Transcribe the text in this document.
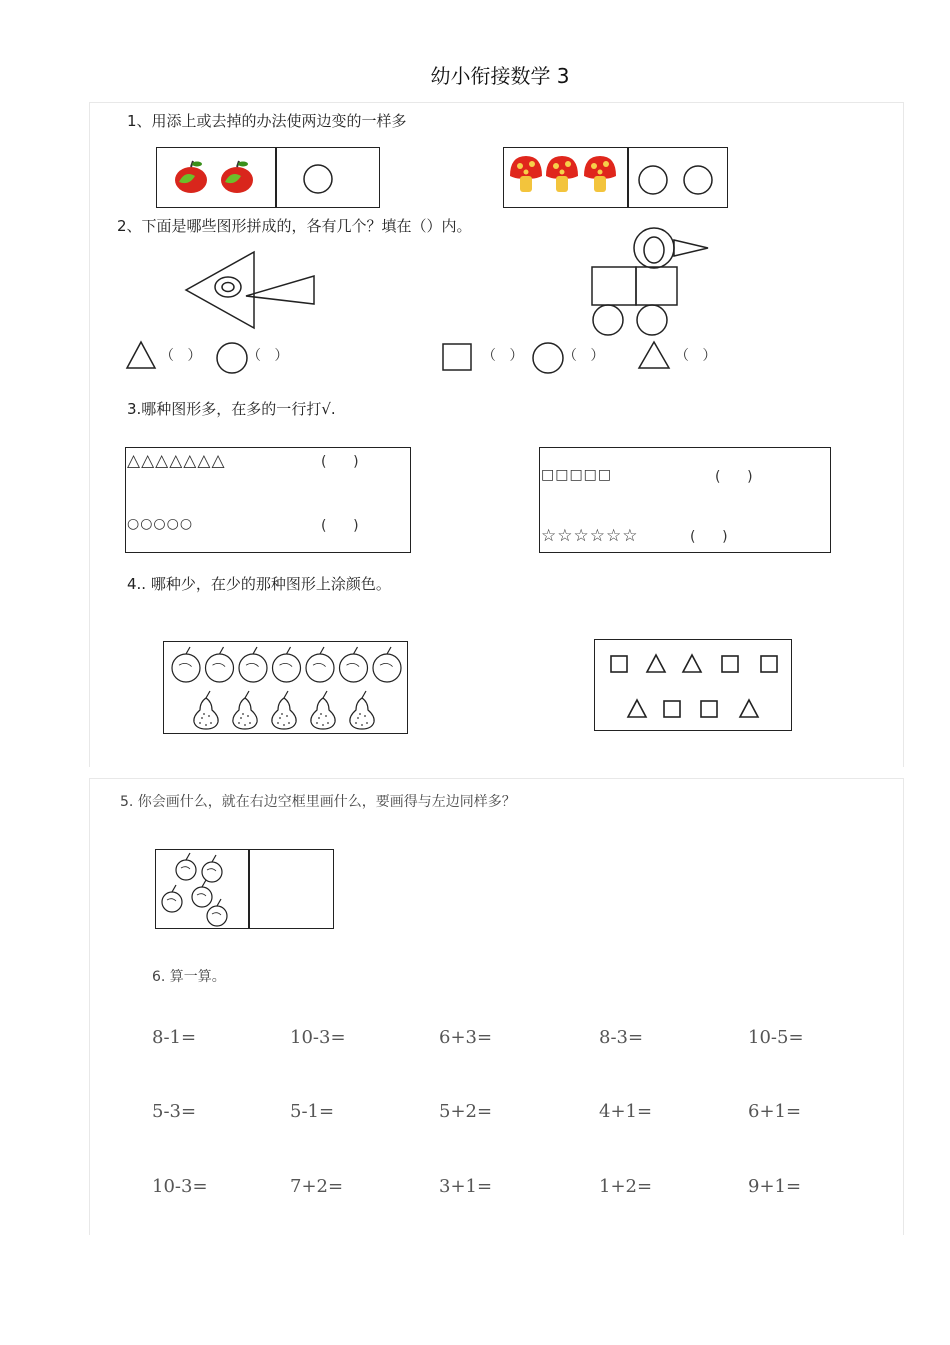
幼小衔接数学 3
1、用添上或去掉的办法使两边变的一样多
2、下面是哪些图形拼成的，各有几个？填在（）内。
（   ）	（   ）	（   ）	（   ）	（   ）
3.哪种图形多，在多的一行打√.
△△△△△△△	(      )
○○○○○	(      )
□□□□□	(      )
☆☆☆☆☆☆	(      )
4.. 哪种少，在少的那种图形上涂颜色。
5. 你会画什么，就在右边空框里画什么，要画得与左边同样多？
6. 算一算。
8-1=	10-3=	6+3=	8-3=	10-5=
5-3=	5-1=	5+2=	4+1=	6+1=
10-3=	7+2=	3+1=	1+2=	9+1=
